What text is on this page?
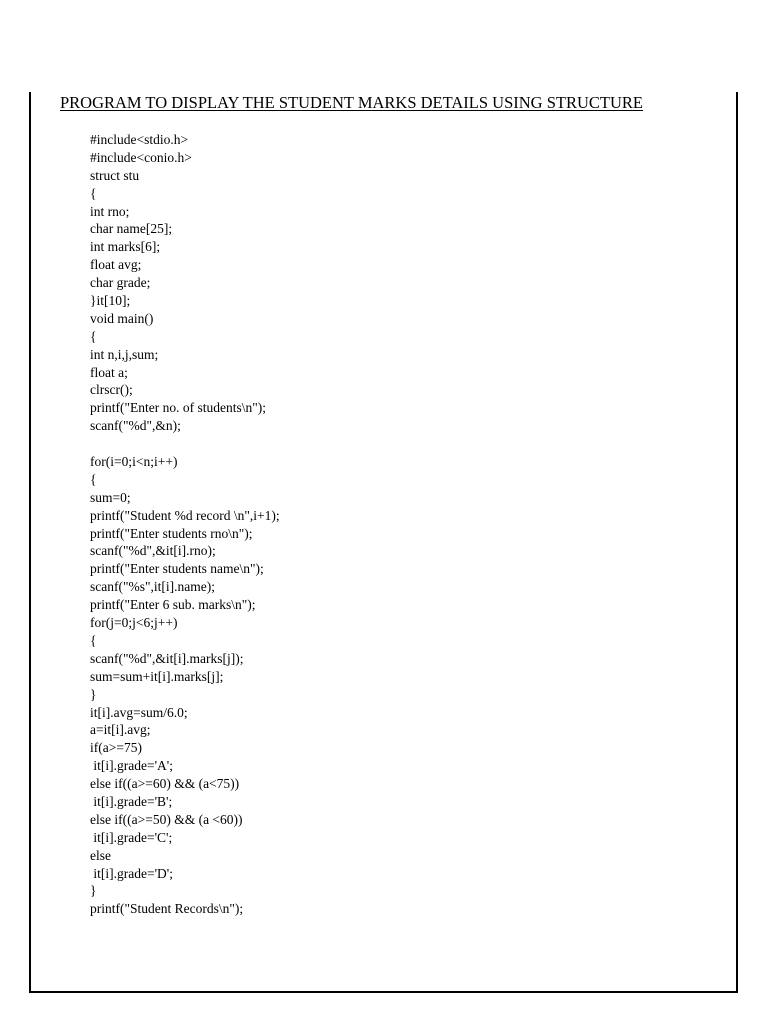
PROGRAM TO DISPLAY THE STUDENT MARKS DETAILS USING STRUCTURE
#include<stdio.h>
#include<conio.h>
struct stu
{
int rno;
char name[25];
int marks[6];
float avg;
char grade;
}it[10];
void main()
{
int n,i,j,sum;
float a;
clrscr();
printf("Enter no. of students\n");
scanf("%d",&n);
for(i=0;i<n;i++)
{
sum=0;
printf("Student %d record \n",i+1);
printf("Enter students rno\n");
scanf("%d",&it[i].rno);
printf("Enter students name\n");
scanf("%s",it[i].name);
printf("Enter 6 sub. marks\n");
for(j=0;j<6;j++)
{
scanf("%d",&it[i].marks[j]);
sum=sum+it[i].marks[j];
}
it[i].avg=sum/6.0;
a=it[i].avg;
if(a>=75)
it[i].grade='A';
else if((a>=60) && (a<75))
it[i].grade='B';
else if((a>=50) && (a <60))
it[i].grade='C';
else
it[i].grade='D';
}
printf("Student Records\n");
